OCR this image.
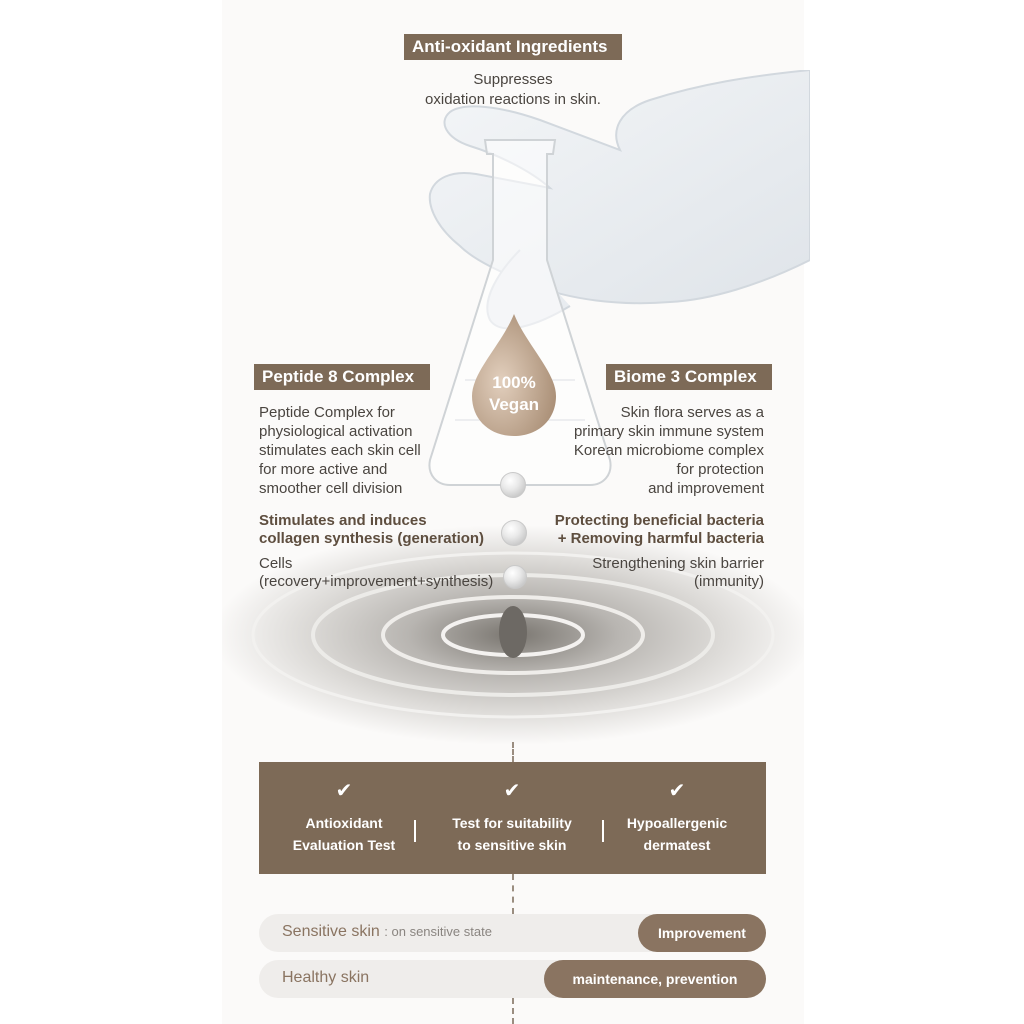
Anti-oxidant Ingredients

Suppresses

oxidation reactions in skin.

100%
Vegan
Peptide 8 Complex

Peptide Complex for

physiological activation

stimulates each skin cell

for more active and

smoother cell division

Stimulates and induces

collagen synthesis (generation)

Cells

(recovery+improvement+synthesis)

Biome 3 Complex

Skin flora serves as a

primary skin immune system

Korean microbiome complex

for protection

and improvement

Protecting beneficial bacteria

+ Removing harmful bacteria

Strengthening skin barrier

(immunity)

✔
Antioxidant
Evaluation Test
✔
Test for suitability
to sensitive skin
✔
Hypoallergenic
dermatest
Sensitive skin : on sensitive state	Improvement
Healthy skin	maintenance, prevention
